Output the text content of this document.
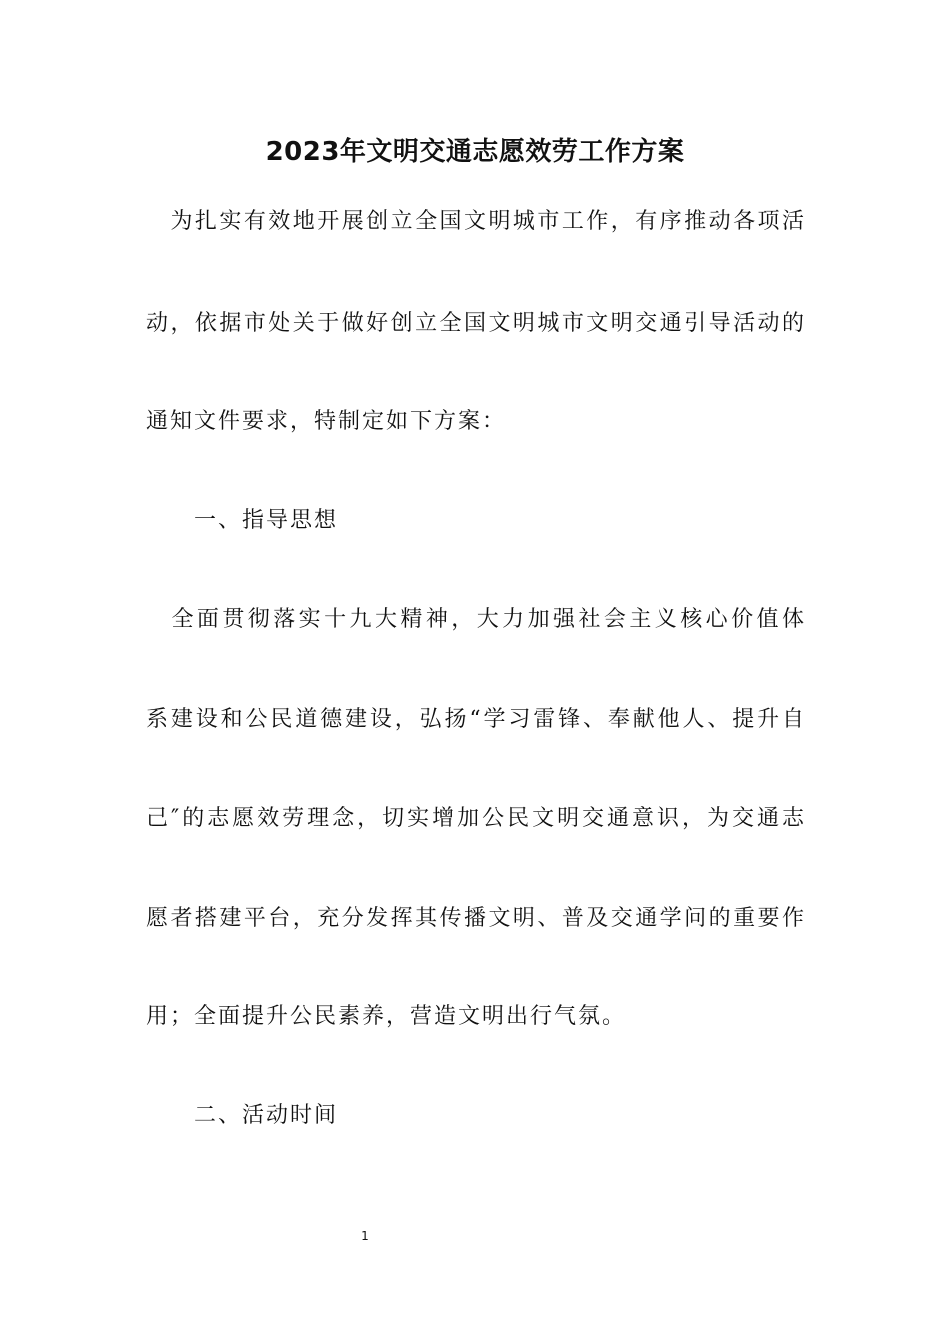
2023年文明交通志愿效劳工作方案
　为扎实有效地开展创立全国文明城市工作，有序推动各项活
动，依据市处关于做好创立全国文明城市文明交通引导活动的
通知文件要求，特制定如下方案：
一、指导思想
　全面贯彻落实十九大精神，大力加强社会主义核心价值体
系建设和公民道德建设，弘扬“学习雷锋、奉献他人、提升自
己″的志愿效劳理念，切实增加公民文明交通意识，为交通志
愿者搭建平台，充分发挥其传播文明、普及交通学问的重要作
用；全面提升公民素养，营造文明出行气氛。
二、活动时间
1
